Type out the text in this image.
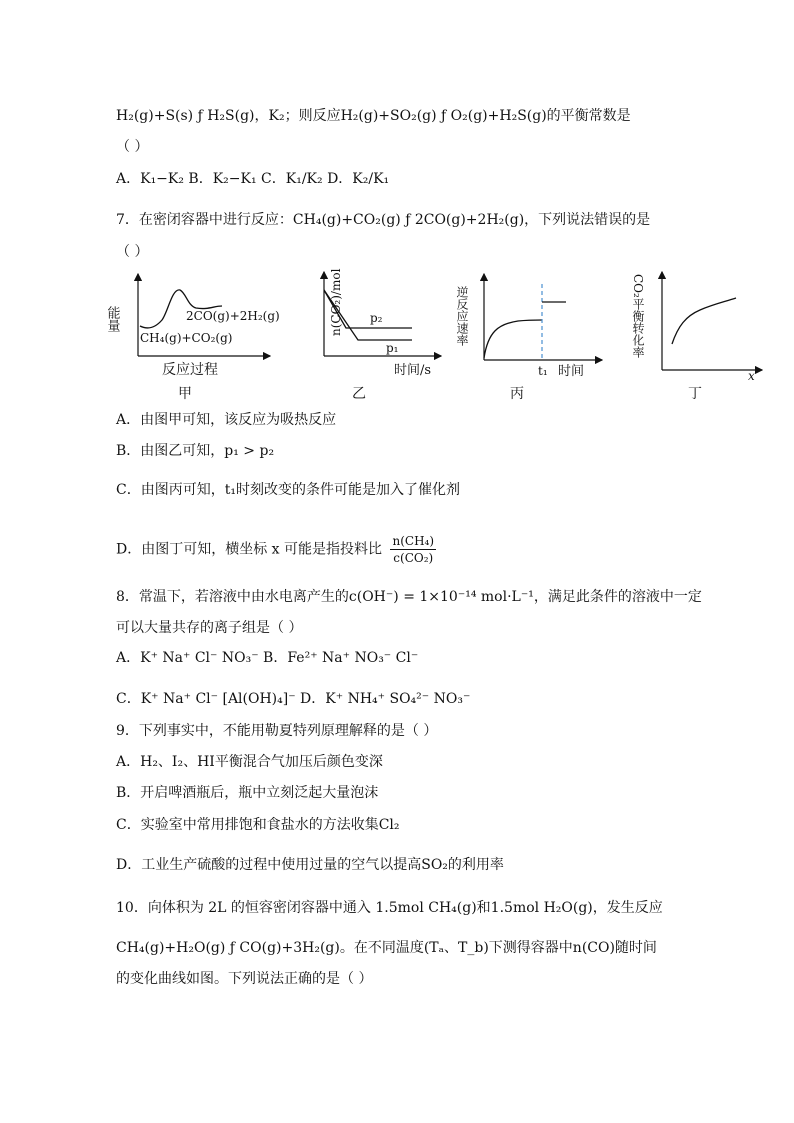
H₂(g)+S(s) ƒ H₂S(g)，K₂；则反应H₂(g)+SO₂(g) ƒ O₂(g)+H₂S(g)的平衡常数是
（ ）
A．K₁−K₂ B．K₂−K₁ C．K₁/K₂ D．K₂/K₁
7．在密闭容器中进行反应：CH₄(g)+CO₂(g) ƒ 2CO(g)+2H₂(g)，下列说法错误的是
（ ）
能量	2CO(g)+2H₂(g)
CH₄(g)+CO₂(g)
反应过程
甲
n(CO₂)/mol p₂
p₁
时间/s
乙
逆反应速率
t₁ 时间
丙
CO₂平衡转化率
x
丁
A．由图甲可知，该反应为吸热反应
B．由图乙可知，p₁ > p₂
C．由图丙可知，t₁时刻改变的条件可能是加入了催化剂
D．由图丁可知，横坐标 x 可能是指投料比 $\frac{\text{n(CH₄)}}{\text{c(CO₂)}}$
8．常温下，若溶液中由水电离产生的c(OH⁻) = 1×10⁻¹⁴ mol·L⁻¹，满足此条件的溶液中一定
可以大量共存的离子组是（ ）
A．K⁺ Na⁺ Cl⁻ NO₃⁻ B．Fe²⁺ Na⁺ NO₃⁻ Cl⁻
C．K⁺ Na⁺ Cl⁻ [Al(OH)₄]⁻ D．K⁺ NH₄⁺ SO₄²⁻ NO₃⁻
9．下列事实中，不能用勒夏特列原理解释的是（ ）
A．H₂、I₂、HI平衡混合气加压后颜色变深
B．开启啤酒瓶后，瓶中立刻泛起大量泡沫
C．实验室中常用排饱和食盐水的方法收集Cl₂
D．工业生产硫酸的过程中使用过量的空气以提高SO₂的利用率
10．向体积为 2L 的恒容密闭容器中通入 1.5mol CH₄(g)和1.5mol H₂O(g)，发生反应
CH₄(g)+H₂O(g) ƒ CO(g)+3H₂(g)。在不同温度(Tₐ、T_b)下测得容器中n(CO)随时间
的变化曲线如图。下列说法正确的是（ ）
